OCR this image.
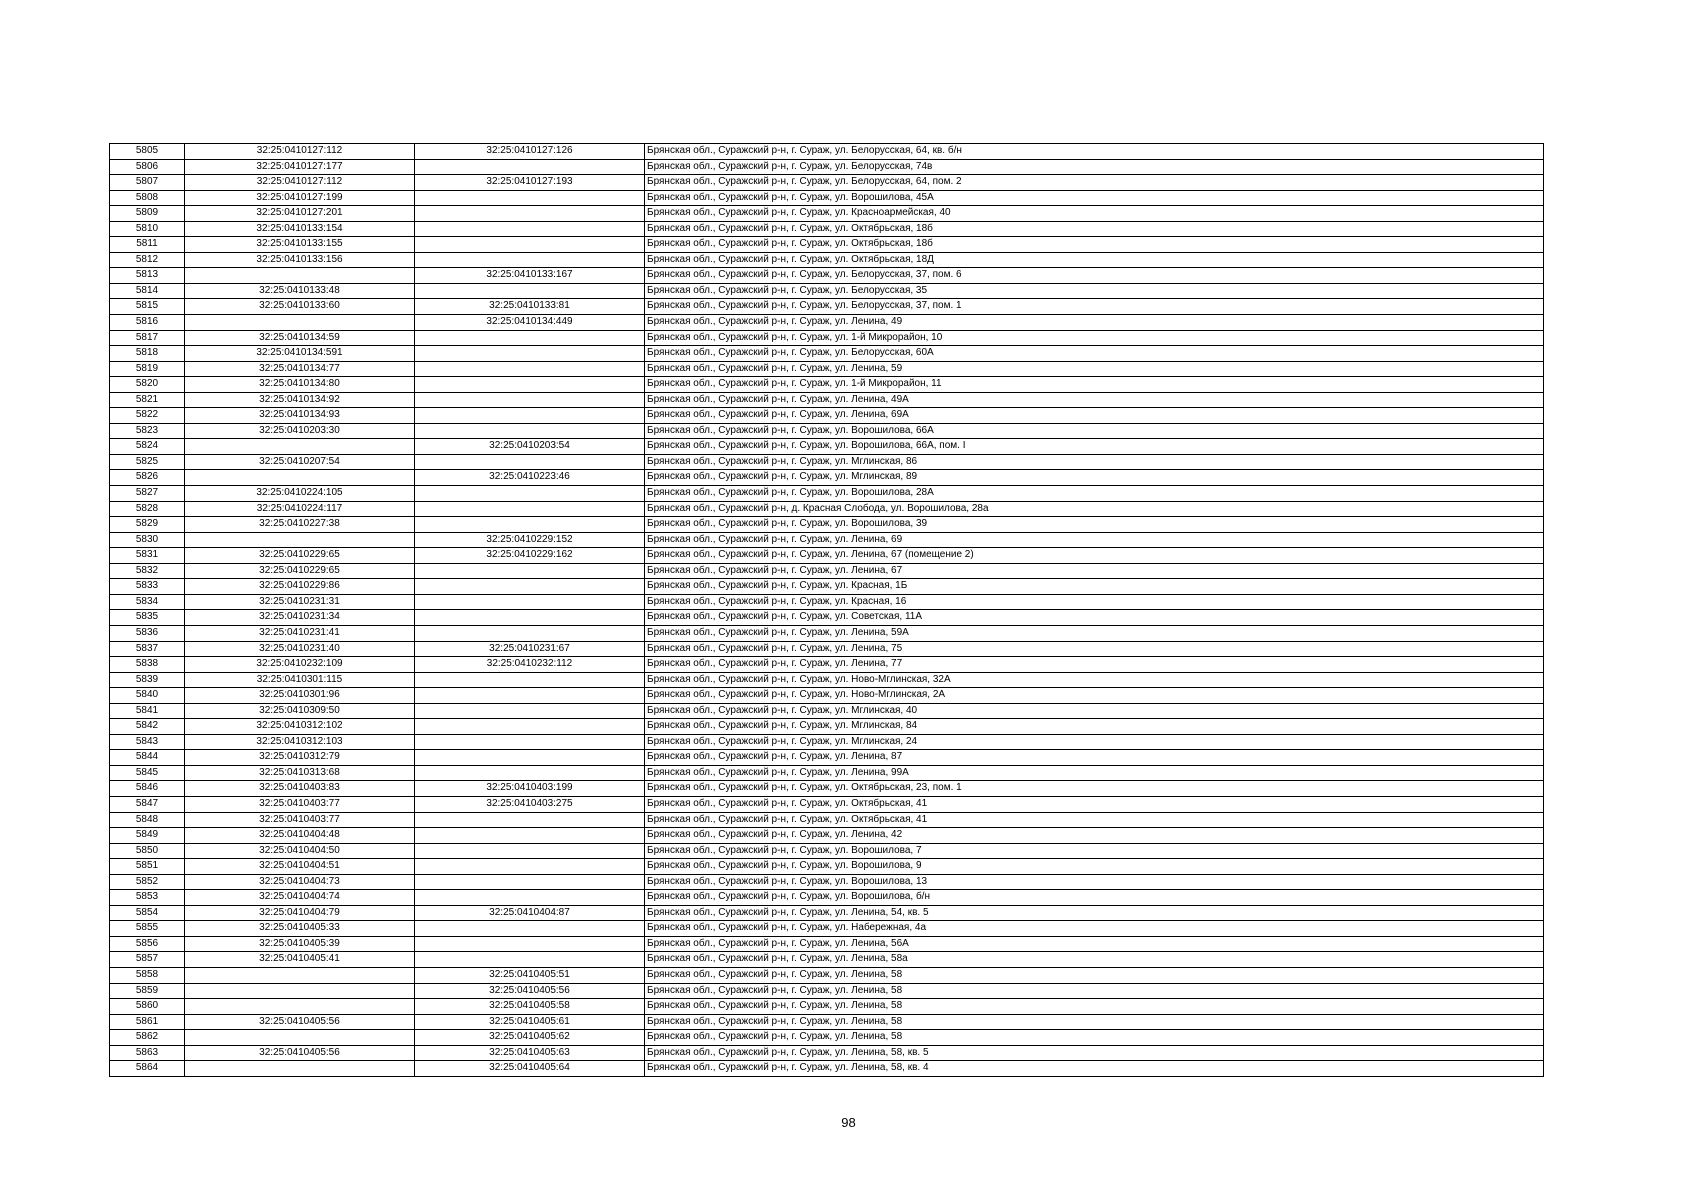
5805	32:25:0410127:112	32:25:0410127:126	Брянская обл., Суражский р-н, г. Сураж, ул. Белорусская, 64, кв. б/н
5806	32:25:0410127:177		Брянская обл., Суражский р-н, г. Сураж, ул. Белорусская, 74в
5807	32:25:0410127:112	32:25:0410127:193	Брянская обл., Суражский р-н, г. Сураж, ул. Белорусская, 64, пом. 2
5808	32:25:0410127:199		Брянская обл., Суражский р-н, г. Сураж, ул. Ворошилова, 45А
5809	32:25:0410127:201		Брянская обл., Суражский р-н, г. Сураж, ул. Красноармейская, 40
5810	32:25:0410133:154		Брянская обл., Суражский р-н, г. Сураж, ул. Октябрьская, 18б
5811	32:25:0410133:155		Брянская обл., Суражский р-н, г. Сураж, ул. Октябрьская, 18б
5812	32:25:0410133:156		Брянская обл., Суражский р-н, г. Сураж, ул. Октябрьская, 18Д
5813		32:25:0410133:167	Брянская обл., Суражский р-н, г. Сураж, ул. Белорусская, 37, пом. 6
5814	32:25:0410133:48		Брянская обл., Суражский р-н, г. Сураж, ул. Белорусская, 35
5815	32:25:0410133:60	32:25:0410133:81	Брянская обл., Суражский р-н, г. Сураж, ул. Белорусская, 37, пом. 1
5816		32:25:0410134:449	Брянская обл., Суражский р-н, г. Сураж, ул. Ленина, 49
5817	32:25:0410134:59		Брянская обл., Суражский р-н, г. Сураж, ул. 1-й Микрорайон, 10
5818	32:25:0410134:591		Брянская обл., Суражский р-н, г. Сураж, ул. Белорусская, 60А
5819	32:25:0410134:77		Брянская обл., Суражский р-н, г. Сураж, ул. Ленина, 59
5820	32:25:0410134:80		Брянская обл., Суражский р-н, г. Сураж, ул. 1-й Микрорайон, 11
5821	32:25:0410134:92		Брянская обл., Суражский р-н, г. Сураж, ул. Ленина, 49А
5822	32:25:0410134:93		Брянская обл., Суражский р-н, г. Сураж, ул. Ленина, 69А
5823	32:25:0410203:30		Брянская обл., Суражский р-н, г. Сураж, ул. Ворошилова, 66А
5824		32:25:0410203:54	Брянская обл., Суражский р-н, г. Сураж, ул. Ворошилова, 66А, пом. I
5825	32:25:0410207:54		Брянская обл., Суражский р-н, г. Сураж, ул. Мглинская, 86
5826		32:25:0410223:46	Брянская обл., Суражский р-н, г. Сураж, ул. Мглинская, 89
5827	32:25:0410224:105		Брянская обл., Суражский р-н, г. Сураж, ул. Ворошилова, 28А
5828	32:25:0410224:117		Брянская обл., Суражский р-н, д. Красная Слобода, ул. Ворошилова, 28а
5829	32:25:0410227:38		Брянская обл., Суражский р-н, г. Сураж, ул. Ворошилова, 39
5830		32:25:0410229:152	Брянская обл., Суражский р-н, г. Сураж, ул. Ленина, 69
5831	32:25:0410229:65	32:25:0410229:162	Брянская обл., Суражский р-н, г. Сураж, ул. Ленина, 67 (помещение 2)
5832	32:25:0410229:65		Брянская обл., Суражский р-н, г. Сураж, ул. Ленина, 67
5833	32:25:0410229:86		Брянская обл., Суражский р-н, г. Сураж, ул. Красная, 1Б
5834	32:25:0410231:31		Брянская обл., Суражский р-н, г. Сураж, ул. Красная, 16
5835	32:25:0410231:34		Брянская обл., Суражский р-н, г. Сураж, ул. Советская, 11А
5836	32:25:0410231:41		Брянская обл., Суражский р-н, г. Сураж, ул. Ленина, 59А
5837	32:25:0410231:40	32:25:0410231:67	Брянская обл., Суражский р-н, г. Сураж, ул. Ленина, 75
5838	32:25:0410232:109	32:25:0410232:112	Брянская обл., Суражский р-н, г. Сураж, ул. Ленина, 77
5839	32:25:0410301:115		Брянская обл., Суражский р-н, г. Сураж, ул. Ново-Мглинская, 32А
5840	32:25:0410301:96		Брянская обл., Суражский р-н, г. Сураж, ул. Ново-Мглинская, 2А
5841	32:25:0410309:50		Брянская обл., Суражский р-н, г. Сураж, ул. Мглинская, 40
5842	32:25:0410312:102		Брянская обл., Суражский р-н, г. Сураж, ул. Мглинская, 84
5843	32:25:0410312:103		Брянская обл., Суражский р-н, г. Сураж, ул. Мглинская, 24
5844	32:25:0410312:79		Брянская обл., Суражский р-н, г. Сураж, ул. Ленина, 87
5845	32:25:0410313:68		Брянская обл., Суражский р-н, г. Сураж, ул. Ленина, 99А
5846	32:25:0410403:83	32:25:0410403:199	Брянская обл., Суражский р-н, г. Сураж, ул. Октябрьская, 23, пом. 1
5847	32:25:0410403:77	32:25:0410403:275	Брянская обл., Суражский р-н, г. Сураж, ул. Октябрьская, 41
5848	32:25:0410403:77		Брянская обл., Суражский р-н, г. Сураж, ул. Октябрьская, 41
5849	32:25:0410404:48		Брянская обл., Суражский р-н, г. Сураж, ул. Ленина, 42
5850	32:25:0410404:50		Брянская обл., Суражский р-н, г. Сураж, ул. Ворошилова, 7
5851	32:25:0410404:51		Брянская обл., Суражский р-н, г. Сураж, ул. Ворошилова, 9
5852	32:25:0410404:73		Брянская обл., Суражский р-н, г. Сураж, ул. Ворошилова, 13
5853	32:25:0410404:74		Брянская обл., Суражский р-н, г. Сураж, ул. Ворошилова, б/н
5854	32:25:0410404:79	32:25:0410404:87	Брянская обл., Суражский р-н, г. Сураж, ул. Ленина, 54, кв. 5
5855	32:25:0410405:33		Брянская обл., Суражский р-н, г. Сураж, ул. Набережная, 4а
5856	32:25:0410405:39		Брянская обл., Суражский р-н, г. Сураж, ул. Ленина, 56А
5857	32:25:0410405:41		Брянская обл., Суражский р-н, г. Сураж, ул. Ленина, 58а
5858		32:25:0410405:51	Брянская обл., Суражский р-н, г. Сураж, ул. Ленина, 58
5859		32:25:0410405:56	Брянская обл., Суражский р-н, г. Сураж, ул. Ленина, 58
5860		32:25:0410405:58	Брянская обл., Суражский р-н, г. Сураж, ул. Ленина, 58
5861	32:25:0410405:56	32:25:0410405:61	Брянская обл., Суражский р-н, г. Сураж, ул. Ленина, 58
5862		32:25:0410405:62	Брянская обл., Суражский р-н, г. Сураж, ул. Ленина, 58
5863	32:25:0410405:56	32:25:0410405:63	Брянская обл., Суражский р-н, г. Сураж, ул. Ленина, 58, кв. 5
5864		32:25:0410405:64	Брянская обл., Суражский р-н, г. Сураж, ул. Ленина, 58, кв. 4
98
